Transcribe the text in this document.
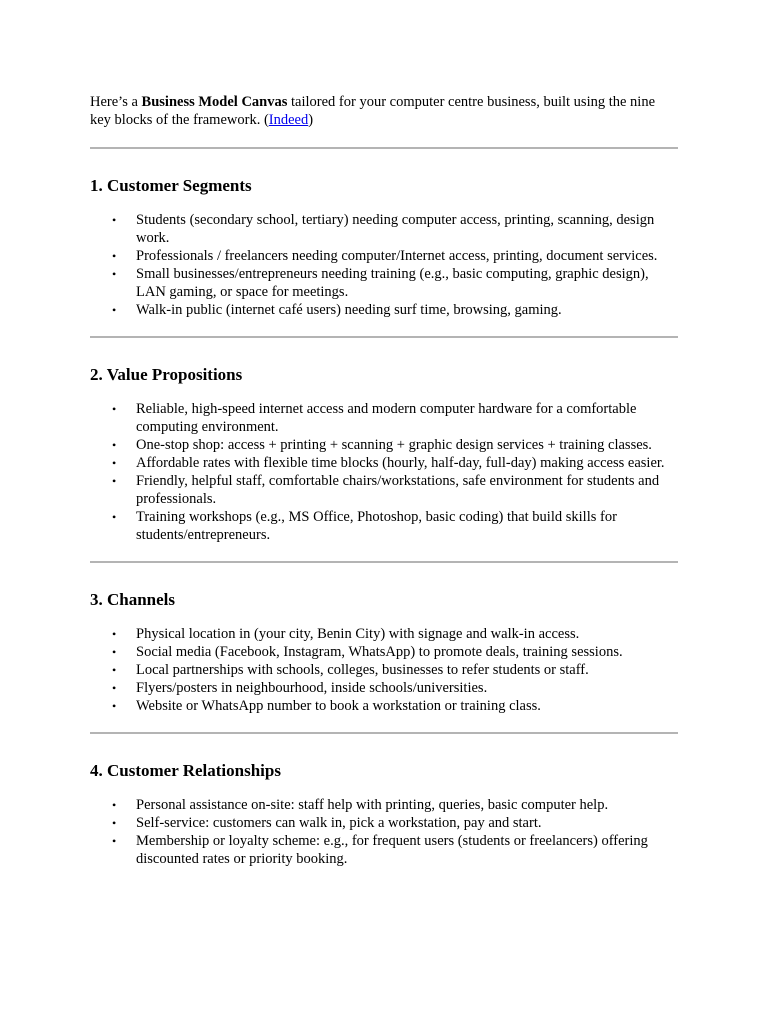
Here’s a Business Model Canvas tailored for your computer centre business, built using the nine key blocks of the framework. (Indeed)

1. Customer Segments
• Students (secondary school, tertiary) needing computer access, printing, scanning, design work.
• Professionals / freelancers needing computer/Internet access, printing, document services.
• Small businesses/entrepreneurs needing training (e.g., basic computing, graphic design), LAN gaming, or space for meetings.
• Walk-in public (internet café users) needing surf time, browsing, gaming.
2. Value Propositions
• Reliable, high-speed internet access and modern computer hardware for a comfortable computing environment.
• One-stop shop: access + printing + scanning + graphic design services + training classes.
• Affordable rates with flexible time blocks (hourly, half-day, full-day) making access easier.
• Friendly, helpful staff, comfortable chairs/workstations, safe environment for students and professionals.
• Training workshops (e.g., MS Office, Photoshop, basic coding) that build skills for students/entrepreneurs.
3. Channels
• Physical location in (your city, Benin City) with signage and walk-in access.
• Social media (Facebook, Instagram, WhatsApp) to promote deals, training sessions.
• Local partnerships with schools, colleges, businesses to refer students or staff.
• Flyers/posters in neighbourhood, inside schools/universities.
• Website or WhatsApp number to book a workstation or training class.
4. Customer Relationships
• Personal assistance on-site: staff help with printing, queries, basic computer help.
• Self-service: customers can walk in, pick a workstation, pay and start.
• Membership or loyalty scheme: e.g., for frequent users (students or freelancers) offering discounted rates or priority booking.
